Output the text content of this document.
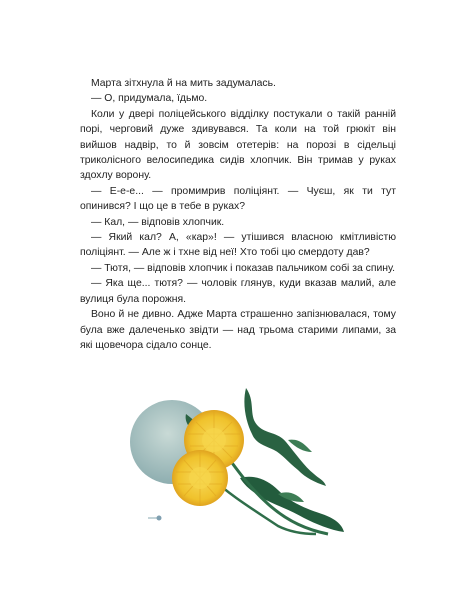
Марта зітхнула й на мить задумалась.

— О, придумала, їдьмо.

Коли у двері поліцейського відділку постукали о такій ранній порі, черговий дуже здивувався. Та коли на той грюкіт він вийшов надвір, то й зовсім отетерів: на порозі в сідельці триколісного велосипедика сидів хлопчик. Він тримав у руках здохлу ворону.

— Е-е-е... — промимрив поліціянт. — Чуєш, як ти тут опинився? І що це в тебе в руках?

— Кал, — відповів хлопчик.

— Який кал? А, «кар»! — утішився власною кмітливістю поліціянт. — Але ж і тхне від неї! Хто тобі цю смердоту дав?

— Тютя, — відповів хлопчик і показав пальчиком собі за спину.

— Яка ще... тютя? — чоловік глянув, куди вказав малий, але вулиця була порожня.

Воно й не дивно. Адже Марта страшенно запізнювалася, тому була вже далеченько звідти — над трьома старими липами, за які щовечора сідало сонце.
